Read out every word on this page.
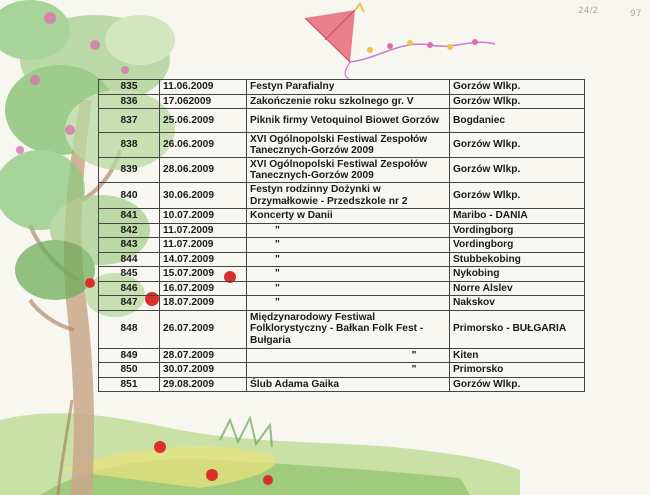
24/2	97
835	11.06.2009	Festyn Parafialny	Gorzów Wlkp.
836	17.062009	Zakończenie roku szkolnego gr. V	Gorzów Wlkp.
837	25.06.2009	Piknik firmy Vetoquinol Biowet Gorzów	Bogdaniec
838	26.06.2009	XVI Ogólnopolski Festiwal Zespołów Tanecznych-Gorzów 2009	Gorzów Wlkp.
839	28.06.2009	XVI Ogólnopolski Festiwal Zespołów Tanecznych-Gorzów 2009	Gorzów Wlkp.
840	30.06.2009	Festyn rodzinny Dożynki w Drzymałkowie - Przedszkole nr 2	Gorzów Wlkp.
841	10.07.2009	Koncerty w Danii	Maribo - DANIA
842	11.07.2009	"	Vordingborg
843	11.07.2009	"	Vordingborg
844	14.07.2009	"	Stubbekobing
845	15.07.2009	"	Nykobing
846	16.07.2009	"	Norre Alslev
847	18.07.2009	"	Nakskov
848	26.07.2009	Międzynarodowy Festiwal Folklorystyczny - Bałkan Folk Fest - Bułgaria	Primorsko - BUŁGARIA
849	28.07.2009	"	Kiten
850	30.07.2009	"	Primorsko
851	29.08.2009	Ślub Adama Gaika	Gorzów Wlkp.
